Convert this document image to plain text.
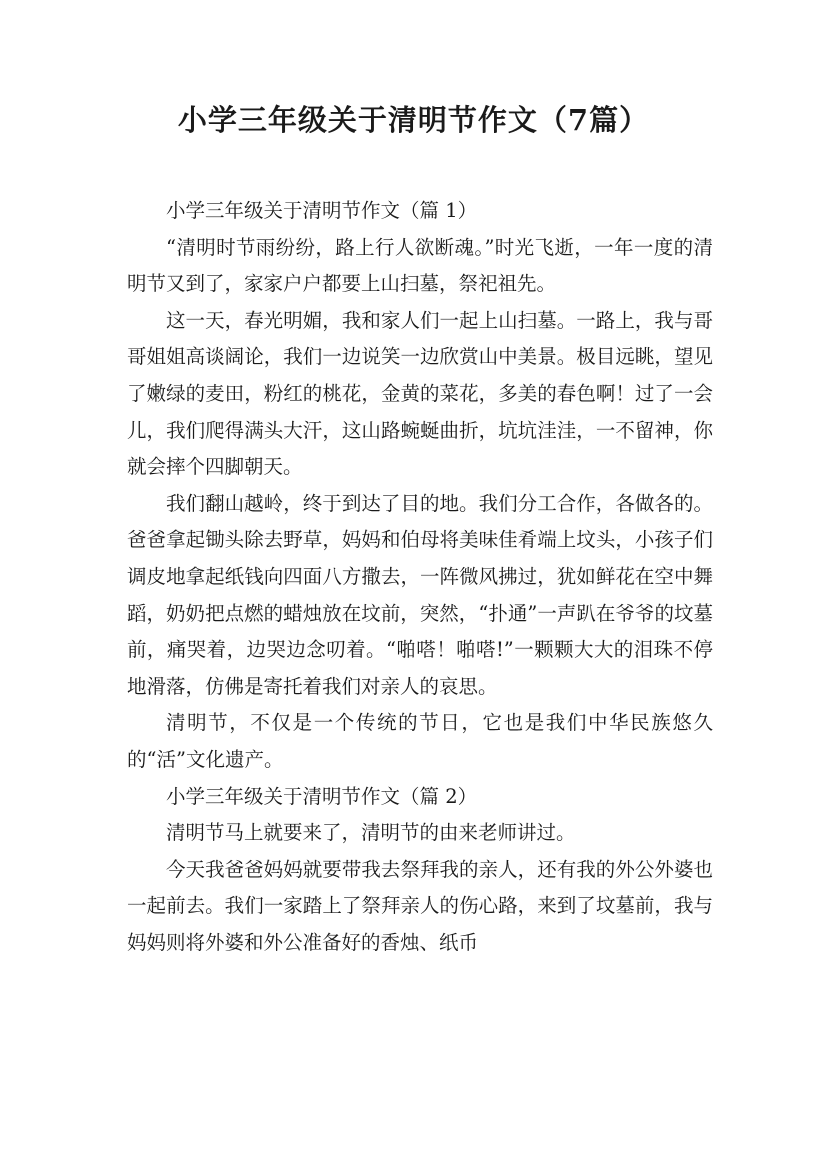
小学三年级关于清明节作文（7篇）

小学三年级关于清明节作文（篇 1）

“清明时节雨纷纷，路上行人欲断魂。”时光飞逝，一年一度的清明节又到了，家家户户都要上山扫墓，祭祀祖先。

这一天，春光明媚，我和家人们一起上山扫墓。一路上，我与哥哥姐姐高谈阔论，我们一边说笑一边欣赏山中美景。极目远眺，望见了嫩绿的麦田，粉红的桃花，金黄的菜花，多美的春色啊！过了一会儿，我们爬得满头大汗，这山路蜿蜒曲折，坑坑洼洼，一不留神，你就会摔个四脚朝天。

我们翻山越岭，终于到达了目的地。我们分工合作，各做各的。爸爸拿起锄头除去野草，妈妈和伯母将美味佳肴端上坟头，小孩子们调皮地拿起纸钱向四面八方撒去，一阵微风拂过，犹如鲜花在空中舞蹈，奶奶把点燃的蜡烛放在坟前，突然，“扑通”一声趴在爷爷的坟墓前，痛哭着，边哭边念叨着。“啪嗒！啪嗒!”一颗颗大大的泪珠不停地滑落，仿佛是寄托着我们对亲人的哀思。

清明节，不仅是一个传统的节日，它也是我们中华民族悠久的“活”文化遗产。

小学三年级关于清明节作文（篇 2）

清明节马上就要来了，清明节的由来老师讲过。

今天我爸爸妈妈就要带我去祭拜我的亲人，还有我的外公外婆也一起前去。我们一家踏上了祭拜亲人的伤心路，来到了坟墓前，我与妈妈则将外婆和外公准备好的香烛、纸币
